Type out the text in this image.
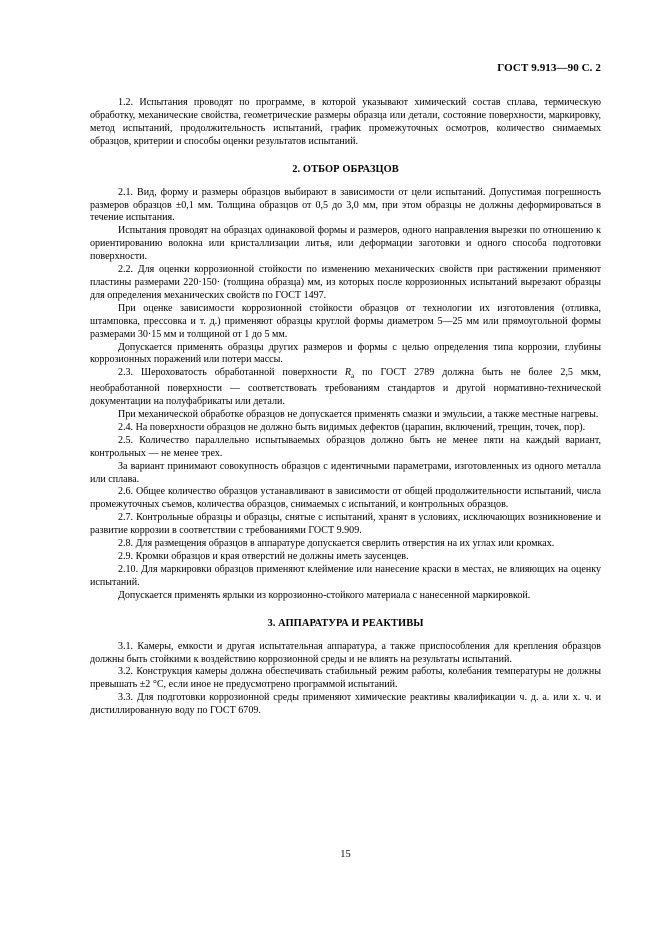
ГОСТ 9.913—90 С. 2

1.2. Испытания проводят по программе, в которой указывают химический состав сплава, термическую обработку, механические свойства, геометрические размеры образца или детали, состояние поверхности, маркировку, метод испытаний, продолжительность испытаний, график промежуточных осмотров, количество снимаемых образцов, критерии и способы оценки результатов испытаний.

2. ОТБОР ОБРАЗЦОВ

2.1. Вид, форму и размеры образцов выбирают в зависимости от цели испытаний. Допустимая погрешность размеров образцов ±0,1 мм. Толщина образцов от 0,5 до 3,0 мм, при этом образцы не должны деформироваться в течение испытания.

Испытания проводят на образцах одинаковой формы и размеров, одного направления вырезки по отношению к ориентированию волокна или кристаллизации литья, или деформации заготовки и одного способа подготовки поверхности.

2.2. Для оценки коррозионной стойкости по изменению механических свойств при растяжении применяют пластины размерами 220·150· (толщина образца) мм, из которых после коррозионных испытаний вырезают образцы для определения механических свойств по ГОСТ 1497.

При оценке зависимости коррозионной стойкости образцов от технологии их изготовления (отливка, штамповка, прессовка и т. д.) применяют образцы круглой формы диаметром 5—25 мм или прямоугольной формы размерами 30·15 мм и толщиной от 1 до 5 мм.

Допускается применять образцы других размеров и формы с целью определения типа коррозии, глубины коррозионных поражений или потери массы.

2.3. Шероховатость обработанной поверхности $R_a$ по ГОСТ 2789 должна быть не более 2,5 мкм, необработанной поверхности — соответствовать требованиям стандартов и другой нормативно-технической документации на полуфабрикаты или детали.

При механической обработке образцов не допускается применять смазки и эмульсии, а также местные нагревы.

2.4. На поверхности образцов не должно быть видимых дефектов (царапин, включений, трещин, точек, пор).

2.5. Количество параллельно испытываемых образцов должно быть не менее пяти на каждый вариант, контрольных — не менее трех.

За вариант принимают совокупность образцов с идентичными параметрами, изготовленных из одного металла или сплава.

2.6. Общее количество образцов устанавливают в зависимости от общей продолжительности испытаний, числа промежуточных съемов, количества образцов, снимаемых с испытаний, и контрольных образцов.

2.7. Контрольные образцы и образцы, снятые с испытаний, хранят в условиях, исключающих возникновение и развитие коррозии в соответствии с требованиями ГОСТ 9.909.

2.8. Для размещения образцов в аппаратуре допускается сверлить отверстия на их углах или кромках.

2.9. Кромки образцов и края отверстий не должны иметь заусенцев.

2.10. Для маркировки образцов применяют клеймение или нанесение краски в местах, не влияющих на оценку испытаний.

Допускается применять ярлыки из коррозионно-стойкого материала с нанесенной маркировкой.

3. АППАРАТУРА И РЕАКТИВЫ

3.1. Камеры, емкости и другая испытательная аппаратура, а также приспособления для крепления образцов должны быть стойкими к воздействию коррозионной среды и не влиять на результаты испытаний.

3.2. Конструкция камеры должна обеспечивать стабильный режим работы, колебания температуры не должны превышать ±2 °С, если иное не предусмотрено программой испытаний.

3.3. Для подготовки коррозионной среды применяют химические реактивы квалификации ч. д. а. или х. ч. и дистиллированную воду по ГОСТ 6709.

15
